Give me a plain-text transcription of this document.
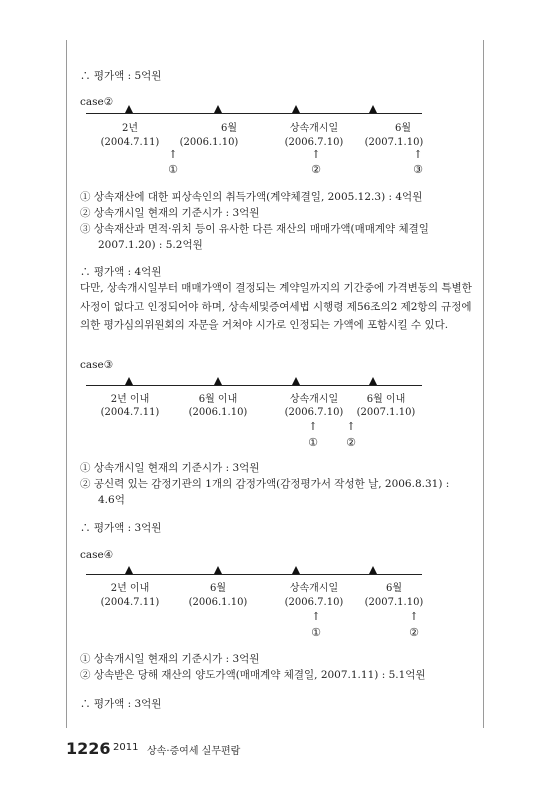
∴ 평가액 : 5억원
case②
2년
(2004.7.11)	(2006.1.10)
6월	상속개시일
(2006.7.10)
6월
(2007.1.10)
↑	↑	↑
①	②	③
① 상속재산에 대한 피상속인의 취득가액(계약체결일, 2005.12.3) : 4억원
② 상속개시일 현재의 기준시가 : 3억원
③ 상속재산과 면적·위치 등이 유사한 다른 재산의 매매가액(매매계약 체결일
2007.1.20) : 5.2억원
∴ 평가액 : 4억원
다만, 상속개시일부터 매매가액이 결정되는 계약일까지의 기간중에 가격변동의 특별한 사정이 없다고 인정되어야 하며, 상속세및증여세법 시행령 제56조의2 제2항의 규정에 의한 평가심의위원회의 자문을 거쳐야 시가로 인정되는 가액에 포함시킬 수 있다.
case③
2년 이내
(2004.7.11)
6월 이내
(2006.1.10)
상속개시일
(2006.7.10)
6월 이내
(2007.1.10)
↑	↑
①	②
① 상속개시일 현재의 기준시가 : 3억원
② 공신력 있는 감정기관의 1개의 감정가액(감정평가서 작성한 날, 2006.8.31) :
4.6억
∴ 평가액 : 3억원
case④
2년 이내
(2004.7.11)
6월
(2006.1.10)
상속개시일
(2006.7.10)
6월
(2007.1.10)
↑	↑
①	②
① 상속개시일 현재의 기준시가 : 3억원
② 상속받은 당해 재산의 양도가액(매매계약 체결일, 2007.1.11) : 5.1억원
∴ 평가액 : 3억원
1226 2011 상속·증여세 실무편람
